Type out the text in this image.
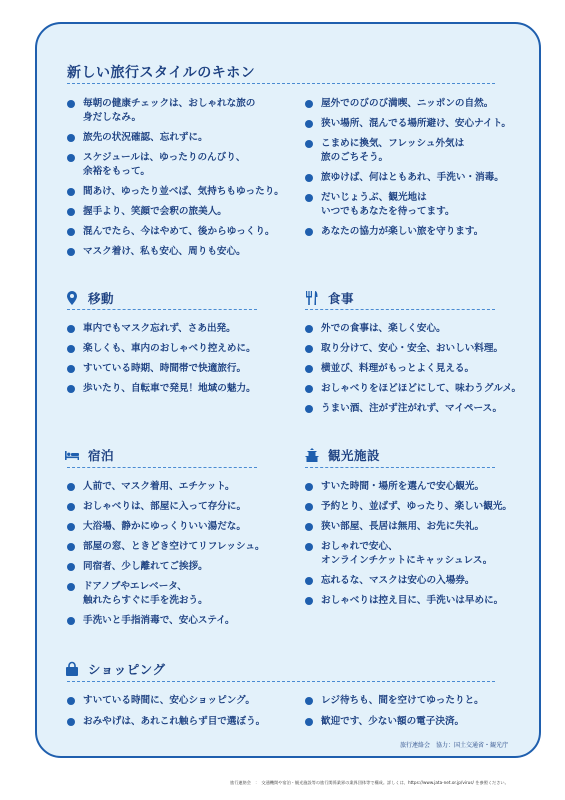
新しい旅行スタイルのキホン
毎朝の健康チェックは、おしゃれな旅の
身だしなみ。
旅先の状況確認、忘れずに。
スケジュールは、ゆったりのんびり、
余裕をもって。
間あけ、ゆったり並べば、気持ちもゆったり。
握手より、笑顔で会釈の旅美人。
混んでたら、今はやめて、後からゆっくり。
マスク着け、私も安心、周りも安心。
屋外でのびのび満喫、ニッポンの自然。
狭い場所、混んでる場所避け、安心ナイト。
こまめに換気、フレッシュ外気は
旅のごちそう。
旅ゆけば、何はともあれ、手洗い・消毒。
だいじょうぶ、観光地は
いつでもあなたを待ってます。
あなたの協力が楽しい旅を守ります。
移動
車内でもマスク忘れず、さあ出発。
楽しくも、車内のおしゃべり控えめに。
すいている時期、時間帯で快適旅行。
歩いたり、自転車で発見！地域の魅力。
食事
外での食事は、楽しく安心。
取り分けて、安心・安全、おいしい料理。
横並び、料理がもっとよく見える。
おしゃべりをほどほどにして、味わうグルメ。
うまい酒、注がず注がれず、マイペース。
宿泊
人前で、マスク着用、エチケット。
おしゃべりは、部屋に入って存分に。
大浴場、静かにゆっくりいい湯だな。
部屋の窓、ときどき空けてリフレッシュ。
同宿者、少し離れてご挨拶。
ドアノブやエレベータ、
触れたらすぐに手を洗おう。
手洗いと手指消毒で、安心ステイ。
観光施設
すいた時間・場所を選んで安心観光。
予約とり、並ばず、ゆったり、楽しい観光。
狭い部屋、長居は無用、お先に失礼。
おしゃれで安心、
オンラインチケットにキャッシュレス。
忘れるな、マスクは安心の入場券。
おしゃべりは控え目に、手洗いは早めに。
ショッピング
すいている時間に、安心ショッピング。
おみやげは、あれこれ触らず目で選ぼう。
レジ待ちも、間を空けてゆったりと。
歓迎です、少ない額の電子決済。
旅行連絡会　協力：国土交通省・観光庁
旅行連絡会　：　交通機関や宿泊・観光施設等の旅行関係業界の業界団体等で構成。詳しくは、https://www.jata-net.or.jp/virus/ を参照ください。
